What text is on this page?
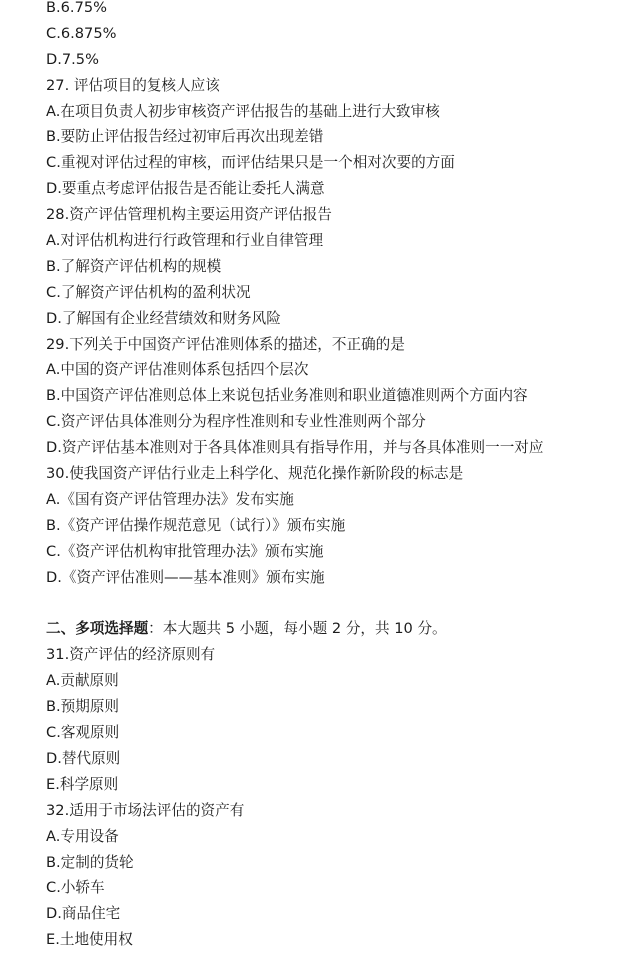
B.6.75%
C.6.875%
D.7.5%
27. 评估项目的复核人应该
A.在项目负责人初步审核资产评估报告的基础上进行大致审核
B.要防止评估报告经过初审后再次出现差错
C.重视对评估过程的审核，而评估结果只是一个相对次要的方面
D.要重点考虑评估报告是否能让委托人满意
28.资产评估管理机构主要运用资产评估报告
A.对评估机构进行行政管理和行业自律管理
B.了解资产评估机构的规模
C.了解资产评估机构的盈利状况
D.了解国有企业经营绩效和财务风险
29.下列关于中国资产评估准则体系的描述，不正确的是
A.中国的资产评估准则体系包括四个层次
B.中国资产评估准则总体上来说包括业务准则和职业道德准则两个方面内容
C.资产评估具体准则分为程序性准则和专业性准则两个部分
D.资产评估基本准则对于各具体准则具有指导作用，并与各具体准则一一对应
30.使我国资产评估行业走上科学化、规范化操作新阶段的标志是
A.《国有资产评估管理办法》发布实施
B.《资产评估操作规范意见（试行）》颁布实施
C.《资产评估机构审批管理办法》颁布实施
D.《资产评估准则——基本准则》颁布实施
二、多项选择题：本大题共 5 小题，每小题 2 分，共 10 分。
31.资产评估的经济原则有
A.贡献原则
B.预期原则
C.客观原则
D.替代原则
E.科学原则
32.适用于市场法评估的资产有
A.专用设备
B.定制的货轮
C.小轿车
D.商品住宅
E.土地使用权
